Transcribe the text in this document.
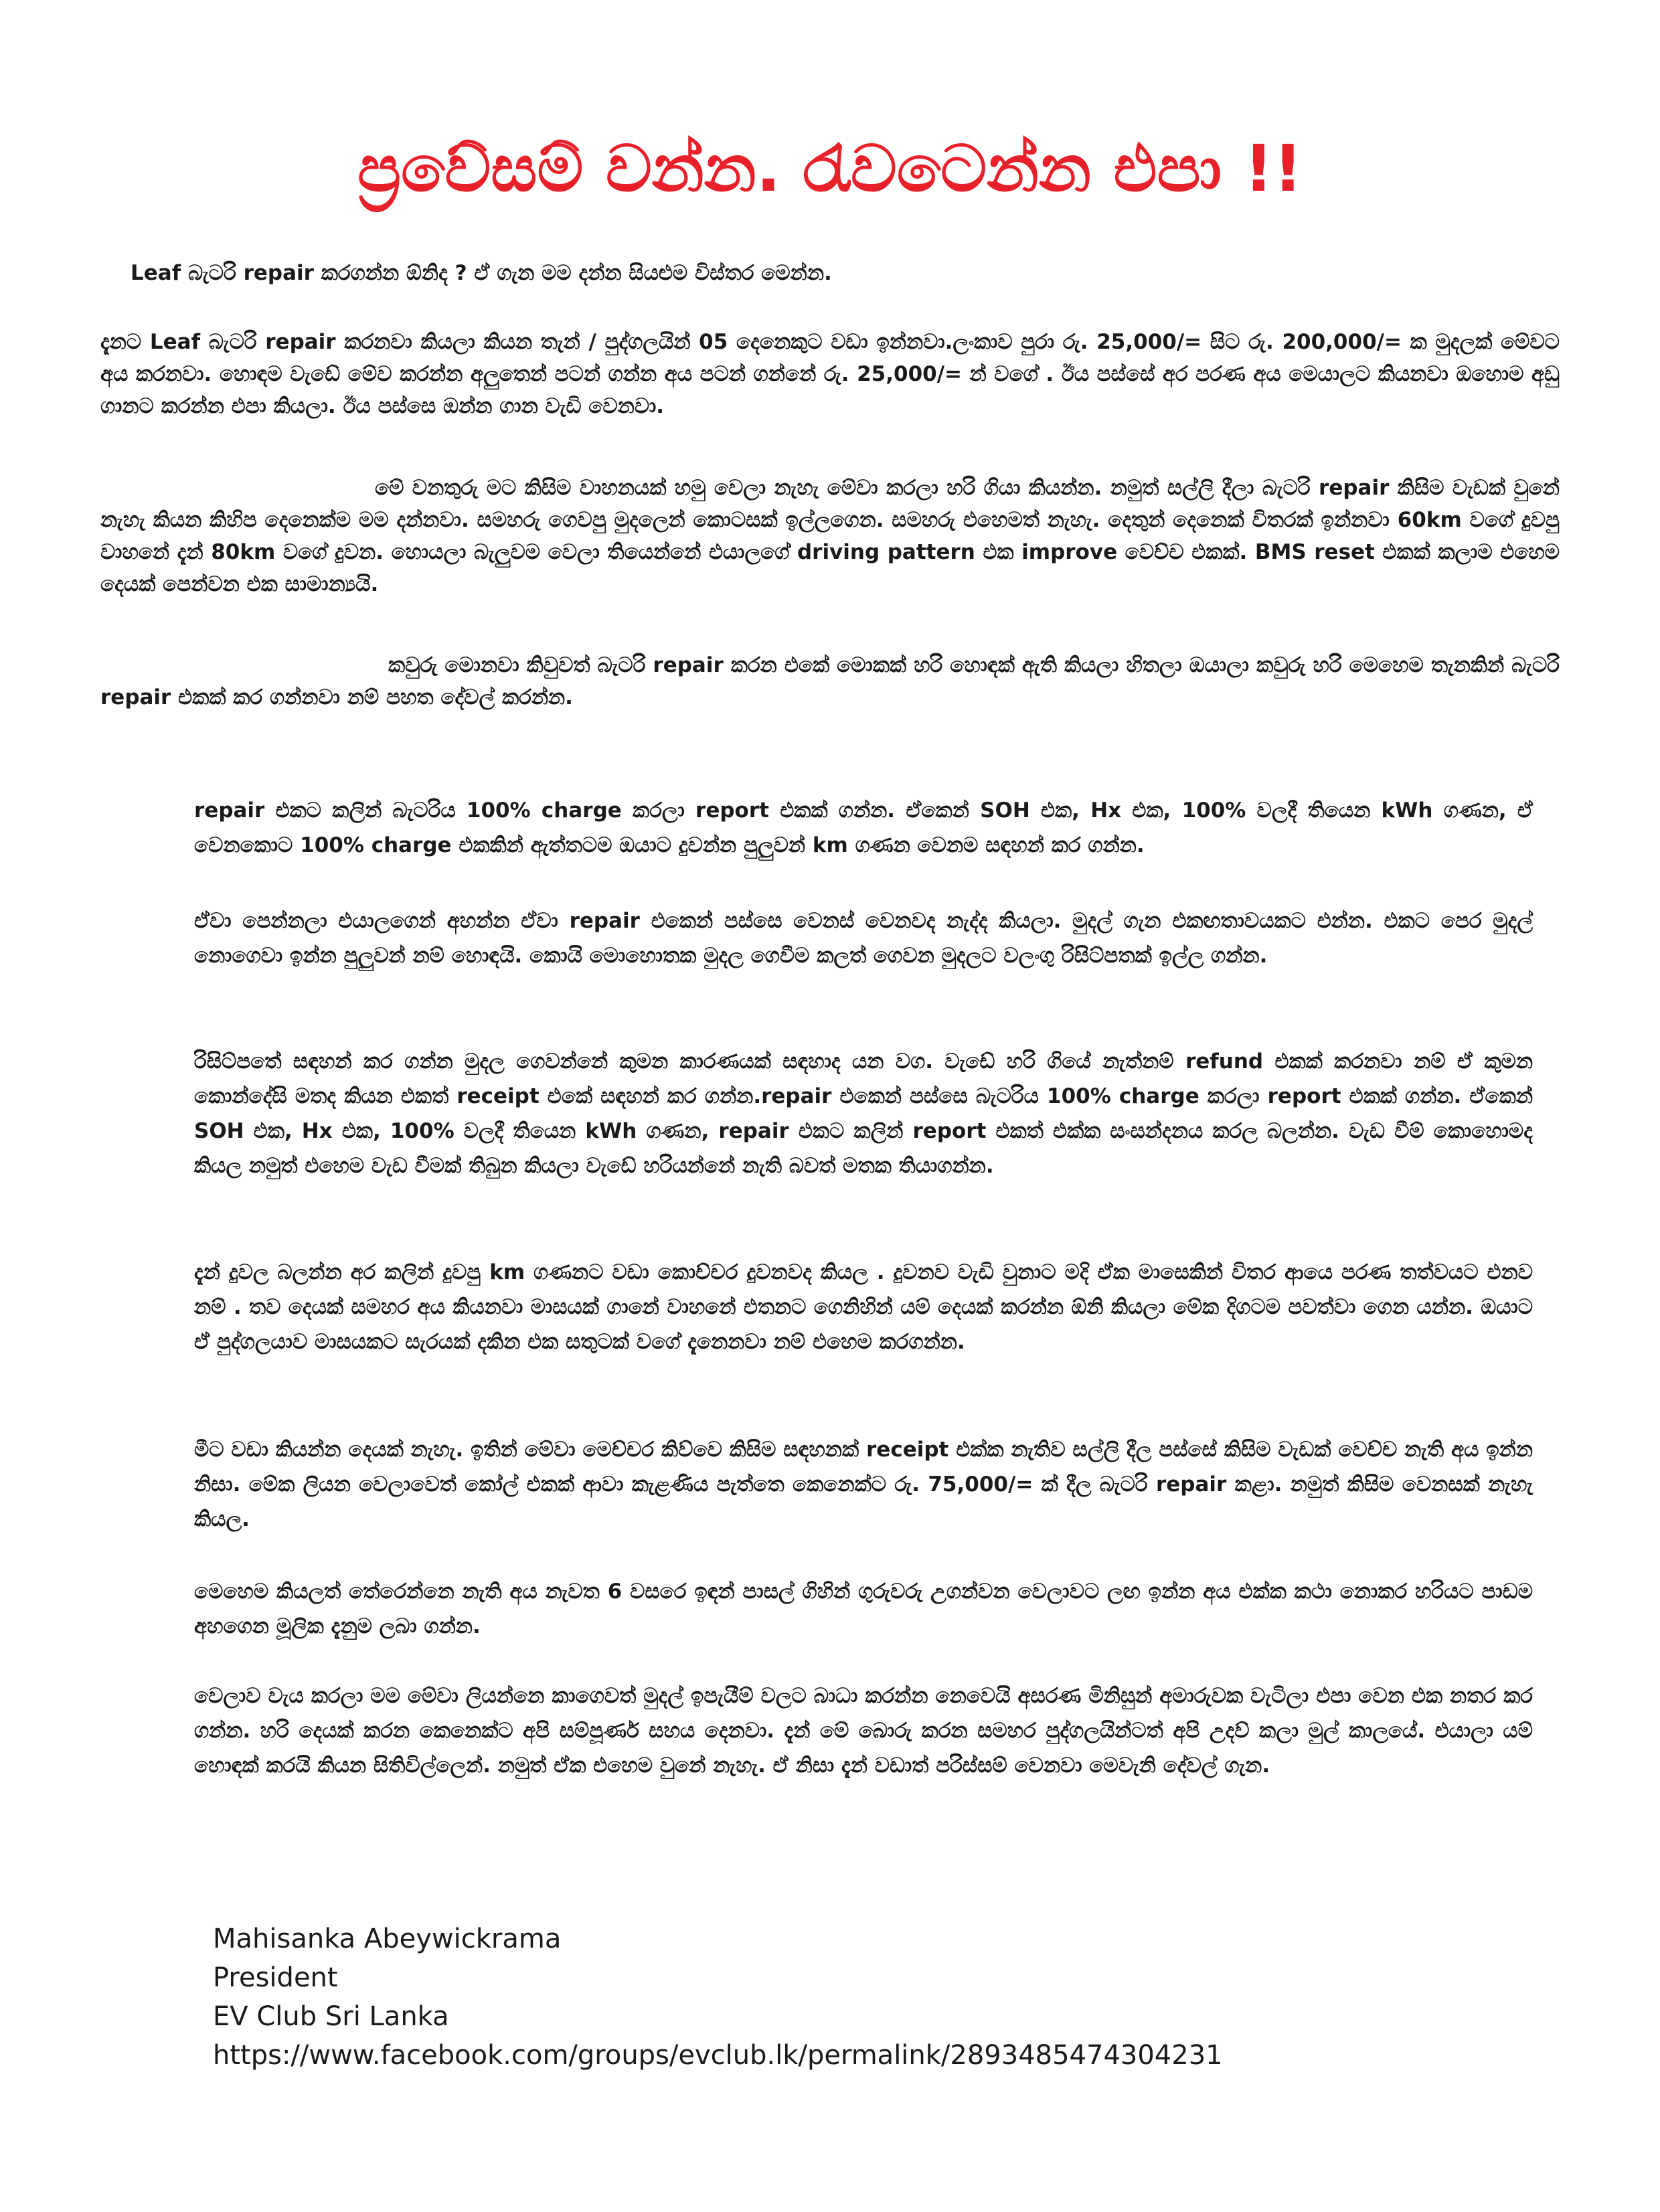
ප්‍රවේසම් වන්න. රැවටෙන්න එපා !!

Leaf බැටරි repair කරගන්න ඕනිද ? ඒ ගැන මම දන්න සියළුම විස්තර මෙන්න.

දැනට Leaf බැටරි repair කරනවා කියලා කියන තැන් / පුද්ගලයින් 05 දෙනෙකුට වඩා ඉන්නවා.ලංකාව පුරා රු. 25,000/= සිට රු. 200,000/= ක මුදලක් මේවට අය කරනවා. හොඳම වැඩේ මේව කරන්න අලුතෙන් පටන් ගන්න අය පටන් ගන්නේ රු. 25,000/= න් වගේ . ඊය පස්සේ අර පරණ අය මෙයාලට කියනවා ඔහොම අඩු ගානට කරන්න එපා කියලා. ඊය පස්සෙ ඔන්න ගාන වැඩි වෙනවා.

මේ වනතුරු මට කිසිම වාහනයක් හමු වෙලා නැහැ මේවා කරලා හරි ගියා කියන්න. නමුත් සල්ලි දීලා බැටරි repair කිසිම වැඩක් වුනේ නැහැ කියන කිහිප දෙනෙක්ම මම දන්නවා. සමහරු ගෙවපු මුදලෙන් කොටසක් ඉල්ලගෙන. සමහරු එහෙමත් නැහැ. දෙතුන් දෙනෙක් විතරක් ඉන්නවා 60km වගේ දුවපු වාහනේ දැන් 80km වගේ දුවන. හොයලා බැලුවම වෙලා තියෙන්නේ එයාලගේ driving pattern එක improve වෙච්ච එකක්. BMS reset එකක් කලාම එහෙම දෙයක් පෙන්වන එක සාමාන්‍යයි.

කවුරු මොනවා කිවුවත් බැටරි repair කරන එකේ මොකක් හරි හොඳක් ඇති කියලා හිතලා ඔයාලා කවුරු හරි මෙහෙම තැනකින් බැටරි repair එකක් කර ගන්නවා නම් පහත දේවල් කරන්න.

repair එකට කලින් බැටරිය 100% charge කරලා report එකක් ගන්න. ඒකෙන් SOH එක, Hx එක, 100% වලදී තියෙන kWh ගණන, ඒ වෙනකොට 100% charge එකකින් ඇත්තටම ඔයාට දුවන්න පුලුවන් km ගණන වෙනම සඳහන් කර ගන්න.

ඒවා පෙන්නලා එයාලගෙන් අහන්න ඒවා repair එකෙන් පස්සෙ වෙනස් වෙනවද නැද්ද කියලා. මුදල් ගැන එකඟතාවයකට එන්න. එකට පෙර මුදල් නොගෙවා ඉන්න පුලුවන් නම් හොඳයි. කොයි මොහොතක මුදල ගෙවීම කලත් ගෙවන මුදලට වලංගු රිසිට්පතක් ඉල්ල ගන්න.

රිසිට්පතේ සඳහන් කර ගන්න මුදල ගෙවන්නේ කුමන කාරණයක් සඳහාද යන වග. වැඩේ හරි ගියේ නැත්නම් refund එකක් කරනවා නම් ඒ කුමන කොන්දේසි මතද කියන එකත් receipt එකේ සඳහන් කර ගන්න.repair එකෙන් පස්සෙ බැටරිය 100% charge කරලා report එකක් ගන්න. ඒකෙන් SOH එක, Hx එක, 100% වලදී තියෙන kWh ගණන, repair එකට කලින් report එකත් එක්ක සංසන්දනය කරල බලන්න. වැඩ වීම් කොහොමද කියල නමුත් එහෙම වැඩ වීමක් තිබුන කියලා වැඩේ හරියන්නේ නැති බවත් මතක තියාගන්න.

දැන් දුවල බලන්න අර කලින් දුවපු km ගණනට වඩා කොච්චර දුවනවද කියල . දුවනව වැඩි වුනාට මදි ඒක මාසෙකින් විතර ආයෙ පරණ තත්වයට එනව නම් . තව දෙයක් සමහර අය කියනවා මාසයක් ගානේ වාහනේ එතනට ගෙනිහින් යම් දෙයක් කරන්න ඕනි කියලා මේක දිගටම පවත්වා ගෙන යන්න. ඔයාට ඒ පුද්ගලයාව මාසයකට සැරයක් දකින එක සතුටක් වගේ දැනෙනවා නම් එහෙම කරගන්න.

මීට වඩා කියන්න දෙයක් නැහැ. ඉතින් මේවා මෙච්චර කිව්වෙ කිසිම සඳහනක් receipt එක්ක නැතිව සල්ලි දීල පස්සේ කිසිම වැඩක් වෙච්ච නැති අය ඉන්න නිසා. මේක ලියන වෙලාවෙත් කෝල් එකක් ආවා කැළණිය පැත්තෙ කෙනෙක්ට රු. 75,000/= ක් දීල බැටරි repair කළා. නමුත් කිසිම වෙනසක් නැහැ කියල.

මෙහෙම කියලත් තේරෙන්නෙ නැති අය නැවත 6 වසරෙ ඉඳන් පාසල් ගිහින් ගුරුවරු උගන්වන වෙලාවට ලඟ ඉන්න අය එක්ක කථා නොකර හරියට පාඩම අහගෙන මූලික දැනුම ලබා ගන්න.

වෙලාව වැය කරලා මම මේවා ලියන්නෙ කාගෙවත් මුදල් ඉපැයීම් වලට බාධා කරන්න නෙවෙයි අසරණ මිනිසුන් අමාරුවක වැටිලා එපා වෙන එක නතර කර ගන්න. හරි දෙයක් කරන කෙනෙක්ට අපි සම්පූර්ණ සහය දෙනවා. දැන් මේ බොරු කරන සමහර පුද්ගලයින්ටත් අපි උදව් කලා මුල් කාලයේ. එයාලා යම් හොඳක් කරයි කියන සිතිවිල්ලෙන්. නමුත් ඒක එහෙම වුනේ නැහැ. ඒ නිසා දැන් වඩාත් පරිස්සම් වෙනවා මෙවැනි දේවල් ගැන.

Mahisanka Abeywickrama
President
EV Club Sri Lanka
https://www.facebook.com/groups/evclub.lk/permalink/2893485474304231
